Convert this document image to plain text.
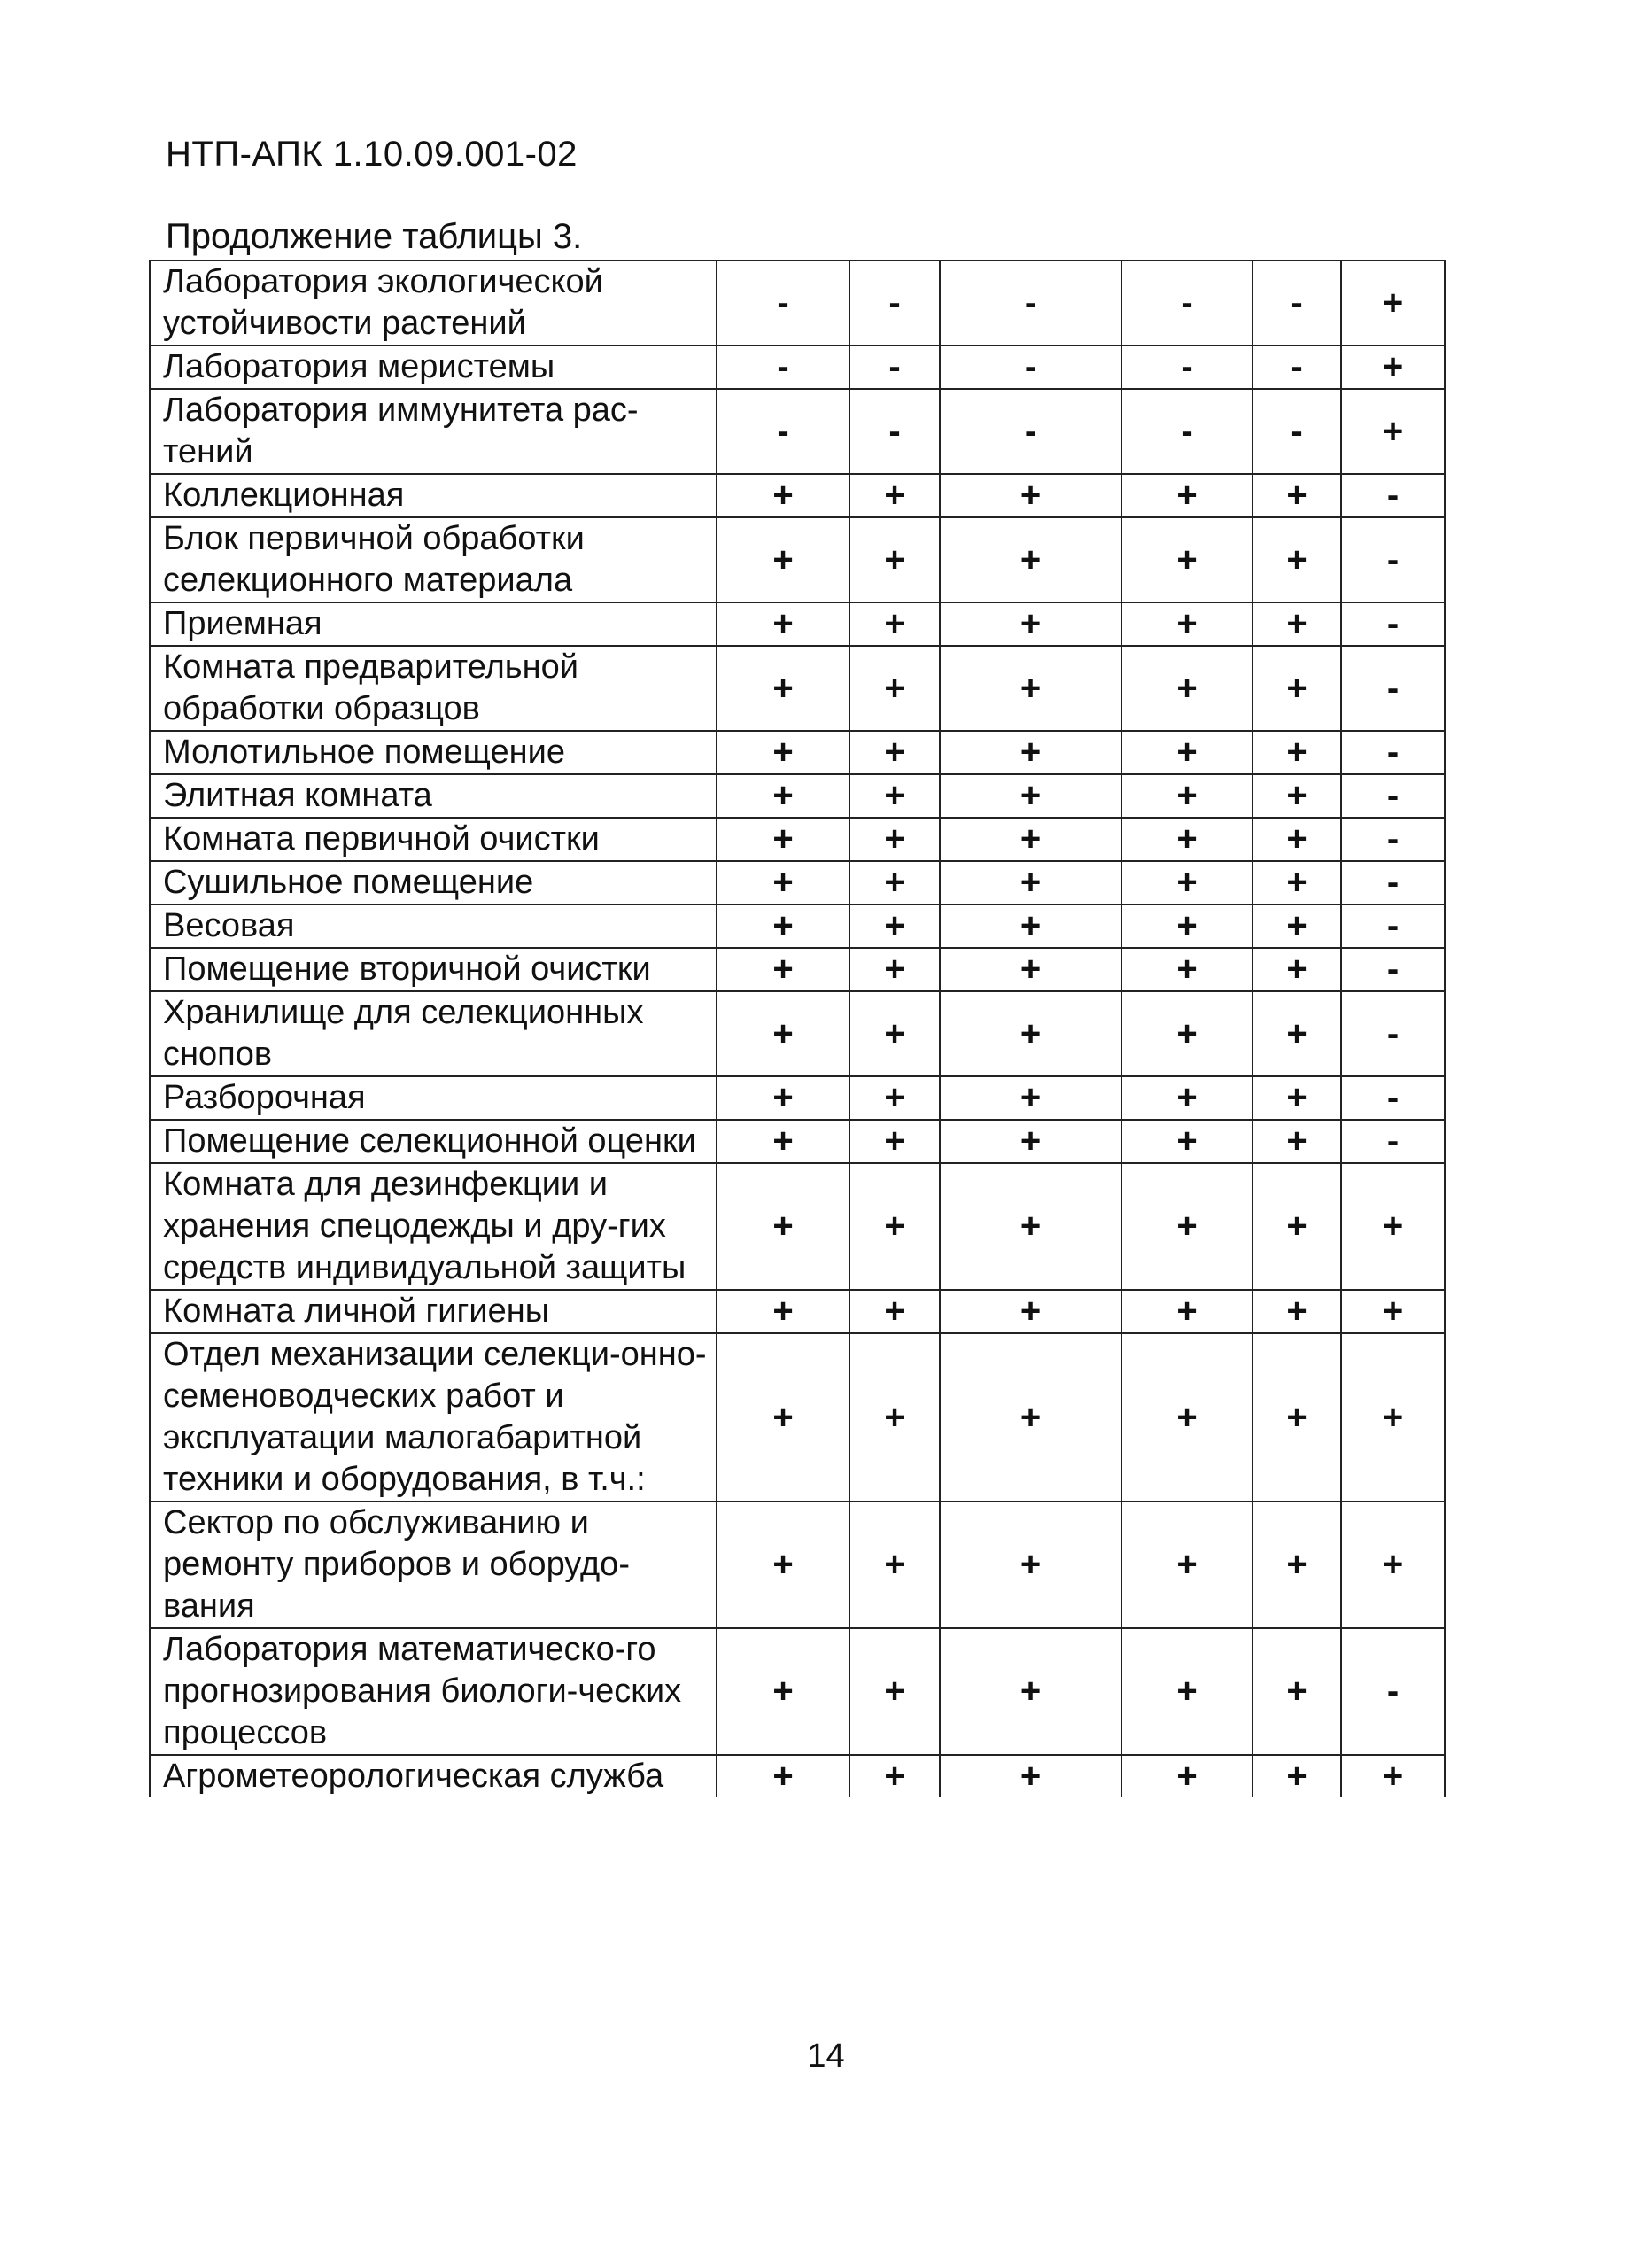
НТП-АПК 1.10.09.001-02
Продолжение таблицы 3.
Лаборатория экологической устойчивости растений	-	-	-	-	-	+
Лаборатория меристемы	-	-	-	-	-	+
Лаборатория иммунитета рас-тений	-	-	-	-	-	+
Коллекционная	+	+	+	+	+	-
Блок первичной обработки селекционного материала	+	+	+	+	+	-
Приемная	+	+	+	+	+	-
Комната предварительной обработки образцов	+	+	+	+	+	-
Молотильное помещение	+	+	+	+	+	-
Элитная комната	+	+	+	+	+	-
Комната первичной очистки	+	+	+	+	+	-
Сушильное помещение	+	+	+	+	+	-
Весовая	+	+	+	+	+	-
Помещение вторичной очистки	+	+	+	+	+	-
Хранилище для селекционных снопов	+	+	+	+	+	-
Разборочная	+	+	+	+	+	-
Помещение селекционной оценки	+	+	+	+	+	-
Комната для дезинфекции и хранения спецодежды и дру-гих средств индивидуальной защиты	+	+	+	+	+	+
Комната личной гигиены	+	+	+	+	+	+
Отдел механизации селекци-онно-семеноводческих работ и эксплуатации малогабаритной техники и оборудования, в т.ч.:	+	+	+	+	+	+
Сектор по обслуживанию и ремонту приборов и оборудо-вания	+	+	+	+	+	+
Лаборатория математическо-го прогнозирования биологи-ческих процессов	+	+	+	+	+	-
Агрометеорологическая служба	+	+	+	+	+	+
14
